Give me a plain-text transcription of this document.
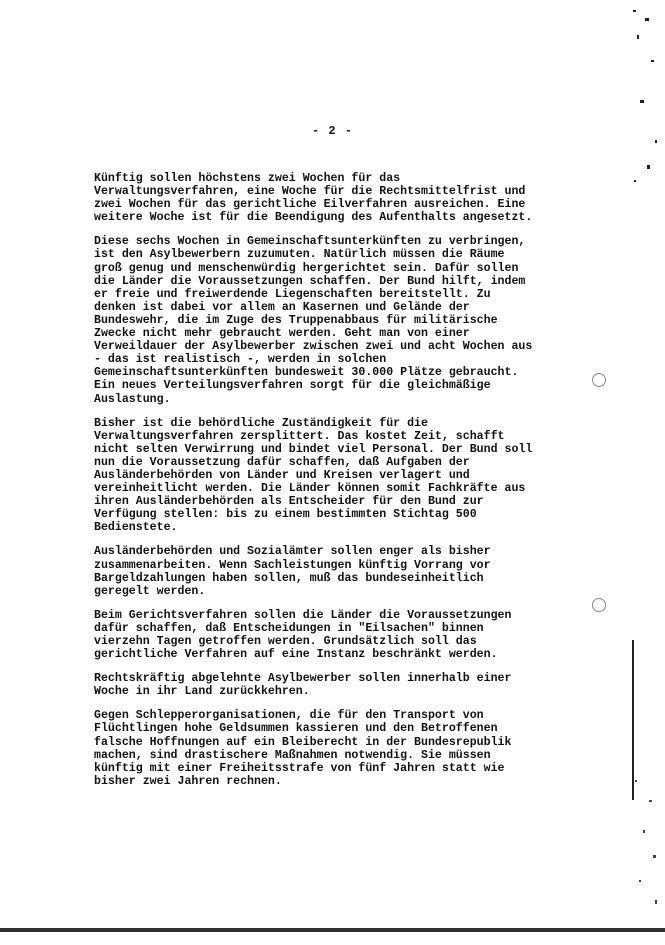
- 2 -

Künftig sollen höchstens zwei Wochen für das
Verwaltungsverfahren, eine Woche für die Rechtsmittelfrist und
zwei Wochen für das gerichtliche Eilverfahren ausreichen. Eine
weitere Woche ist für die Beendigung des Aufenthalts angesetzt.

Diese sechs Wochen in Gemeinschaftsunterkünften zu verbringen,
ist den Asylbewerbern zuzumuten. Natürlich müssen die Räume
groß genug und menschenwürdig hergerichtet sein. Dafür sollen
die Länder die Voraussetzungen schaffen. Der Bund hilft, indem
er freie und freiwerdende Liegenschaften bereitstellt. Zu
denken ist dabei vor allem an Kasernen und Gelände der
Bundeswehr, die im Zuge des Truppenabbaus für militärische
Zwecke nicht mehr gebraucht werden. Geht man von einer
Verweildauer der Asylbewerber zwischen zwei und acht Wochen aus
- das ist realistisch -, werden in solchen
Gemeinschaftsunterkünften bundesweit 30.000 Plätze gebraucht.
Ein neues Verteilungsverfahren sorgt für die gleichmäßige
Auslastung.

Bisher ist die behördliche Zuständigkeit für die
Verwaltungsverfahren zersplittert. Das kostet Zeit, schafft
nicht selten Verwirrung und bindet viel Personal. Der Bund soll
nun die Voraussetzung dafür schaffen, daß Aufgaben der
Ausländerbehörden von Länder und Kreisen verlagert und
vereinheitlicht werden. Die Länder können somit Fachkräfte aus
ihren Ausländerbehörden als Entscheider für den Bund zur
Verfügung stellen: bis zu einem bestimmten Stichtag 500
Bedienstete.

Ausländerbehörden und Sozialämter sollen enger als bisher
zusammenarbeiten. Wenn Sachleistungen künftig Vorrang vor
Bargeldzahlungen haben sollen, muß das bundeseinheitlich
geregelt werden.

Beim Gerichtsverfahren sollen die Länder die Voraussetzungen
dafür schaffen, daß Entscheidungen in "Eilsachen" binnen
vierzehn Tagen getroffen werden. Grundsätzlich soll das
gerichtliche Verfahren auf eine Instanz beschränkt werden.

Rechtskräftig abgelehnte Asylbewerber sollen innerhalb einer
Woche in ihr Land zurückkehren.

Gegen Schlepperorganisationen, die für den Transport von
Flüchtlingen hohe Geldsummen kassieren und den Betroffenen
falsche Hoffnungen auf ein Bleiberecht in der Bundesrepublik
machen, sind drastischere Maßnahmen notwendig. Sie müssen
künftig mit einer Freiheitsstrafe von fünf Jahren statt wie
bisher zwei Jahren rechnen.
